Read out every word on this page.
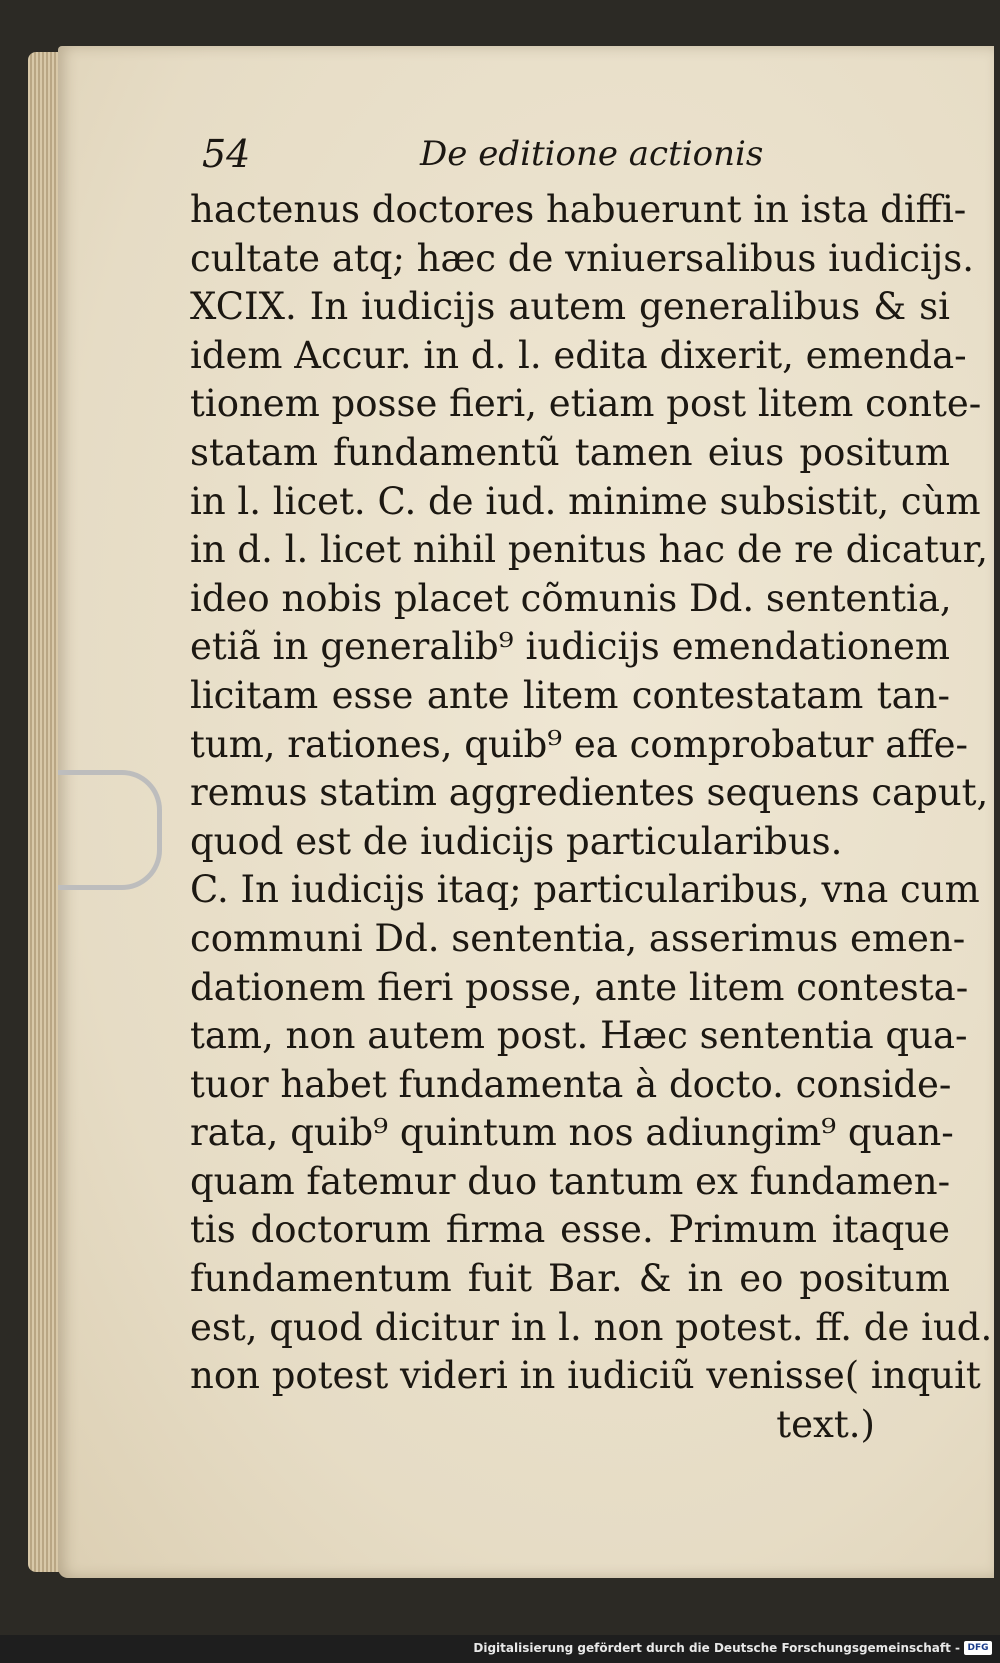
54	De editione actionis
hactenus doctores habuerunt in ista diffi-
cultate atq; hæc de vniuersalibus iudicijs.
XCIX. In iudicijs autem generalibus & si
idem Accur. in d. l. edita dixerit, emenda-
tionem posse fieri, etiam post litem conte-
statam fundamentũ tamen eius positum
in l. licet. C. de iud. minime subsistit, cùm
in d. l. licet nihil penitus hac de re dicatur,
ideo nobis placet cõmunis Dd. sententia,
etiã in generalib⁹ iudicijs emendationem
licitam esse ante litem contestatam tan-
tum, rationes, quib⁹ ea comprobatur affe-
remus statim aggredientes sequens caput,
quod est de iudicijs particularibus.
C. In iudicijs itaq; particularibus, vna cum
communi Dd. sententia, asserimus emen-
dationem fieri posse, ante litem contesta-
tam, non autem post. Hæc sententia qua-
tuor habet fundamenta à docto. conside-
rata, quib⁹ quintum nos adiungim⁹ quan-
quam fatemur duo tantum ex fundamen-
tis doctorum firma esse. Primum itaque
fundamentum fuit Bar. & in eo positum
est, quod dicitur in l. non potest. ff. de iud.
non potest videri in iudiciũ venisse( inquit
text.)
Digitalisierung gefördert durch die Deutsche Forschungsgemeinschaft - DFG
